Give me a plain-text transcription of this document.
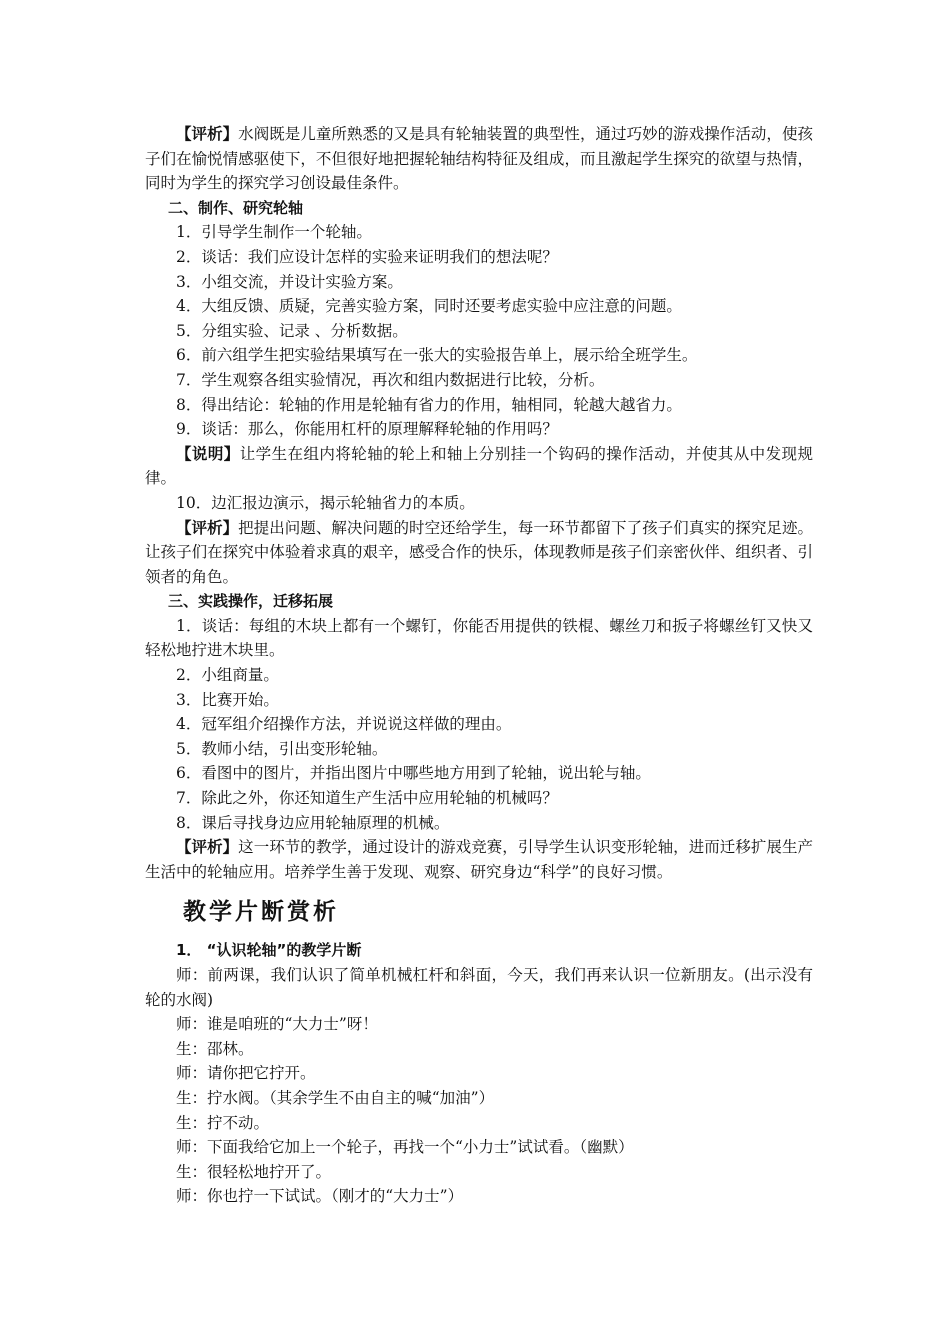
【评析】水阀既是儿童所熟悉的又是具有轮轴装置的典型性，通过巧妙的游戏操作活动，使孩子们在愉悦情感驱使下，不但很好地把握轮轴结构特征及组成，而且激起学生探究的欲望与热情，同时为学生的探究学习创设最佳条件。

二、制作、研究轮轴

1．引导学生制作一个轮轴。

2．谈话：我们应设计怎样的实验来证明我们的想法呢？

3．小组交流，并设计实验方案。

4．大组反馈、质疑，完善实验方案，同时还要考虑实验中应注意的问题。

5．分组实验、记录 、分析数据。

6．前六组学生把实验结果填写在一张大的实验报告单上，展示给全班学生。

7．学生观察各组实验情况，再次和组内数据进行比较，分析。

8．得出结论：轮轴的作用是轮轴有省力的作用，轴相同，轮越大越省力。

9．谈话：那么，你能用杠杆的原理解释轮轴的作用吗？

【说明】让学生在组内将轮轴的轮上和轴上分别挂一个钩码的操作活动，并使其从中发现规律。

10．边汇报边演示，揭示轮轴省力的本质。

【评析】把提出问题、解决问题的时空还给学生，每一环节都留下了孩子们真实的探究足迹。让孩子们在探究中体验着求真的艰辛，感受合作的快乐，体现教师是孩子们亲密伙伴、组织者、引领者的角色。

三、实践操作，迁移拓展

1．谈话：每组的木块上都有一个螺钉，你能否用提供的铁棍、螺丝刀和扳子将螺丝钉又快又轻松地拧进木块里。

2．小组商量。

3．比赛开始。

4．冠军组介绍操作方法，并说说这样做的理由。

5．教师小结，引出变形轮轴。

6．看图中的图片，并指出图片中哪些地方用到了轮轴，说出轮与轴。

7．除此之外，你还知道生产生活中应用轮轴的机械吗？

8．课后寻找身边应用轮轴原理的机械。

【评析】这一环节的教学，通过设计的游戏竞赛，引导学生认识变形轮轴，进而迁移扩展生产生活中的轮轴应用。培养学生善于发现、观察、研究身边“科学”的良好习惯。

教学片断赏析

1． “认识轮轴”的教学片断

师：前两课，我们认识了简单机械杠杆和斜面，今天，我们再来认识一位新朋友。(出示没有轮的水阀)

师：谁是咱班的“大力士”呀！

生：邵林。

师：请你把它拧开。

生：拧水阀。（其余学生不由自主的喊“加油”）

生：拧不动。

师：下面我给它加上一个轮子，再找一个“小力士”试试看。（幽默）

生：很轻松地拧开了。

师：你也拧一下试试。（刚才的“大力士”）
